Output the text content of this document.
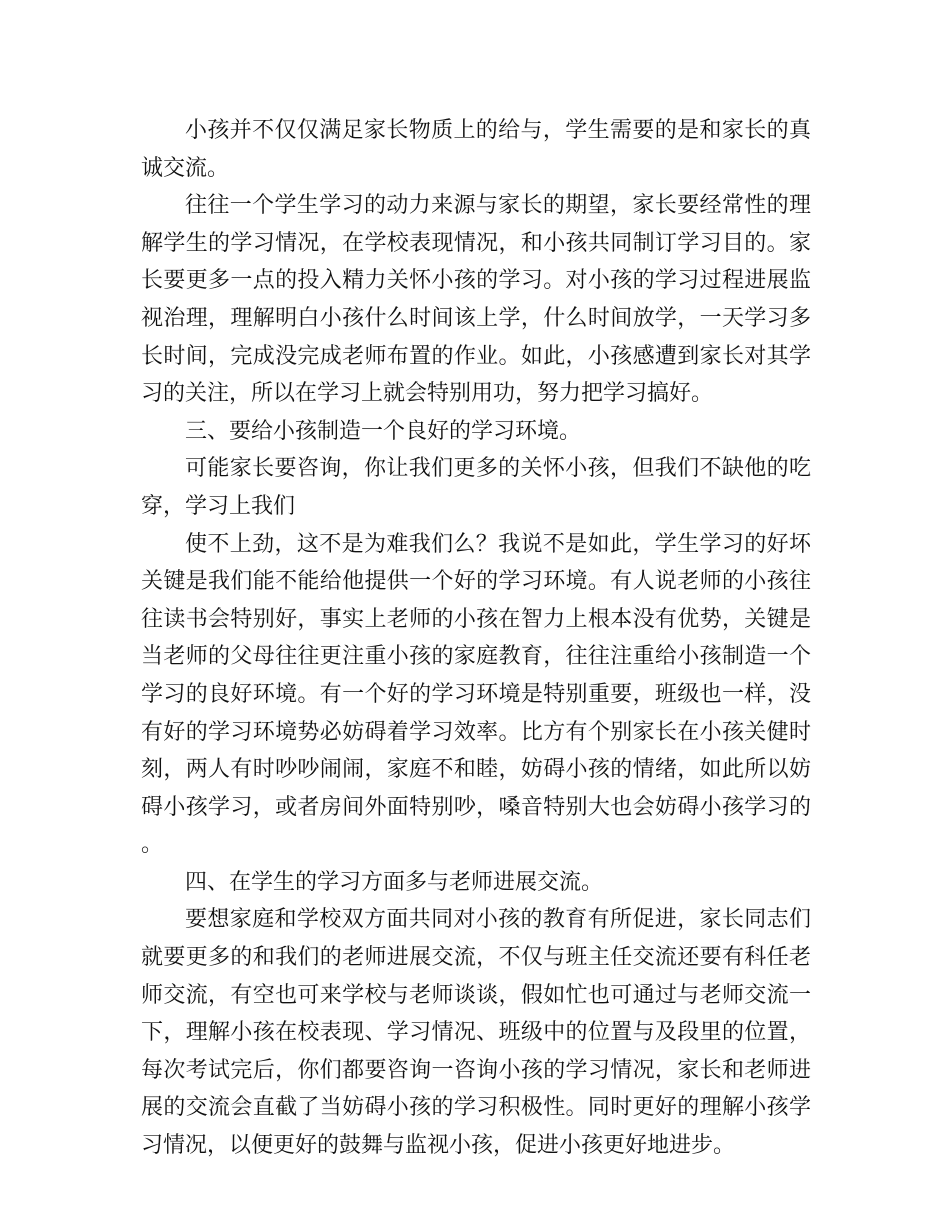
小孩并不仅仅满足家长物质上的给与，学生需要的是和家长的真诚交流。

往往一个学生学习的动力来源与家长的期望，家长要经常性的理解学生的学习情况，在学校表现情况，和小孩共同制订学习目的。家长要更多一点的投入精力关怀小孩的学习。对小孩的学习过程进展监视治理，理解明白小孩什么时间该上学，什么时间放学，一天学习多长时间，完成没完成老师布置的作业。如此，小孩感遭到家长对其学习的关注，所以在学习上就会特别用功，努力把学习搞好。

三、要给小孩制造一个良好的学习环境。

可能家长要咨询，你让我们更多的关怀小孩，但我们不缺他的吃穿，学习上我们

使不上劲，这不是为难我们么？我说不是如此，学生学习的好坏关键是我们能不能给他提供一个好的学习环境。有人说老师的小孩往往读书会特别好，事实上老师的小孩在智力上根本没有优势，关键是当老师的父母往往更注重小孩的家庭教育，往往注重给小孩制造一个学习的良好环境。有一个好的学习环境是特别重要，班级也一样，没有好的学习环境势必妨碍着学习效率。比方有个别家长在小孩关健时刻，两人有时吵吵闹闹，家庭不和睦，妨碍小孩的情绪，如此所以妨碍小孩学习，或者房间外面特别吵，嗓音特别大也会妨碍小孩学习的。

四、在学生的学习方面多与老师进展交流。

要想家庭和学校双方面共同对小孩的教育有所促进，家长同志们就要更多的和我们的老师进展交流，不仅与班主任交流还要有科任老师交流，有空也可来学校与老师谈谈，假如忙也可通过与老师交流一下，理解小孩在校表现、学习情况、班级中的位置与及段里的位置，每次考试完后，你们都要咨询一咨询小孩的学习情况，家长和老师进展的交流会直截了当妨碍小孩的学习积极性。同时更好的理解小孩学习情况，以便更好的鼓舞与监视小孩，促进小孩更好地进步。
